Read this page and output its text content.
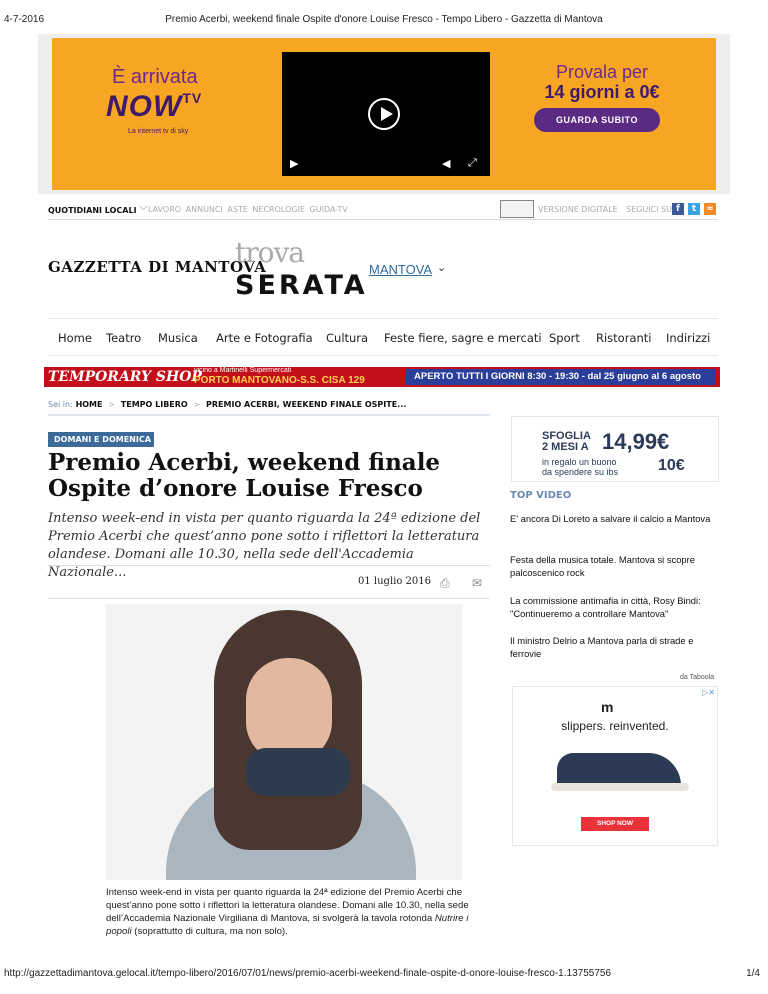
4-7-2016	Premio Acerbi, weekend finale Ospite d'onore Louise Fresco - Tempo Libero - Gazzetta di Mantova
È arrivata
$NOW^{TV}$
La internet tv di sky
▶	◀ ⤢
Provala per
14 giorni a 0€
GUARDA SUBITO
QUOTIDIANI LOCALI ﹀ LAVORO ANNUNCI ASTE NECROLOGIE GUIDA-TV	VERSIONE DIGITALE SEGUICI SU f	t	≈
GAZZETTA DI MANTOVA
trova
SERATA
MANTOVA ⌄
Home Teatro Musica Arte e Fotografia Cultura Feste fiere, sagre e mercati Sport Ristoranti Indirizzi
TEMPORARY SHOP
vicino a Martinelli Supermercati
PORTO MANTOVANO-S.S. CISA 129	APERTO TUTTI I GIORNI 8:30 - 19:30 - dal 25 giugno al 6 agosto
Sei in: HOME > TEMPO LIBERO > PREMIO ACERBI, WEEKEND FINALE OSPITE...
DOMANI E DOMENICA
Premio Acerbi, weekend finale Ospite d’onore Louise Fresco

Intenso week-end in vista per quanto riguarda la 24ª edizione del Premio Acerbi che quest’anno pone sotto i riflettori la letteratura olandese. Domani alle 10.30, nella sede dell'Accademia Nazionale...

01 luglio 2016 ⎙ ✉

Intenso week-end in vista per quanto riguarda la 24ª edizione del Premio Acerbi che quest’anno pone sotto i riflettori la letteratura olandese. Domani alle 10.30, nella sede dell’Accademia Nazionale Virgiliana di Mantova, si svolgerà la tavola rotonda Nutrire i popoli (soprattutto di cultura, ma non solo).

SFOGLIA
2 MESI A 14,99€
in regalo un buono
da spendere su ibs 10€
TOP VIDEO
E' ancora Di Loreto a salvare il calcio a Mantova
Festa della musica totale. Mantova si scopre palcoscenico rock
La commissione antimafia in città, Rosy Bindi: "Continueremo a controllare Mantova"
Il ministro Delrio a Mantova parla di strade e ferrovie
da Taboola
▷✕
m
slippers. reinvented.
SHOP NOW
http://gazzettadimantova.gelocal.it/tempo-libero/2016/07/01/news/premio-acerbi-weekend-finale-ospite-d-onore-louise-fresco-1.13755756	1/4
